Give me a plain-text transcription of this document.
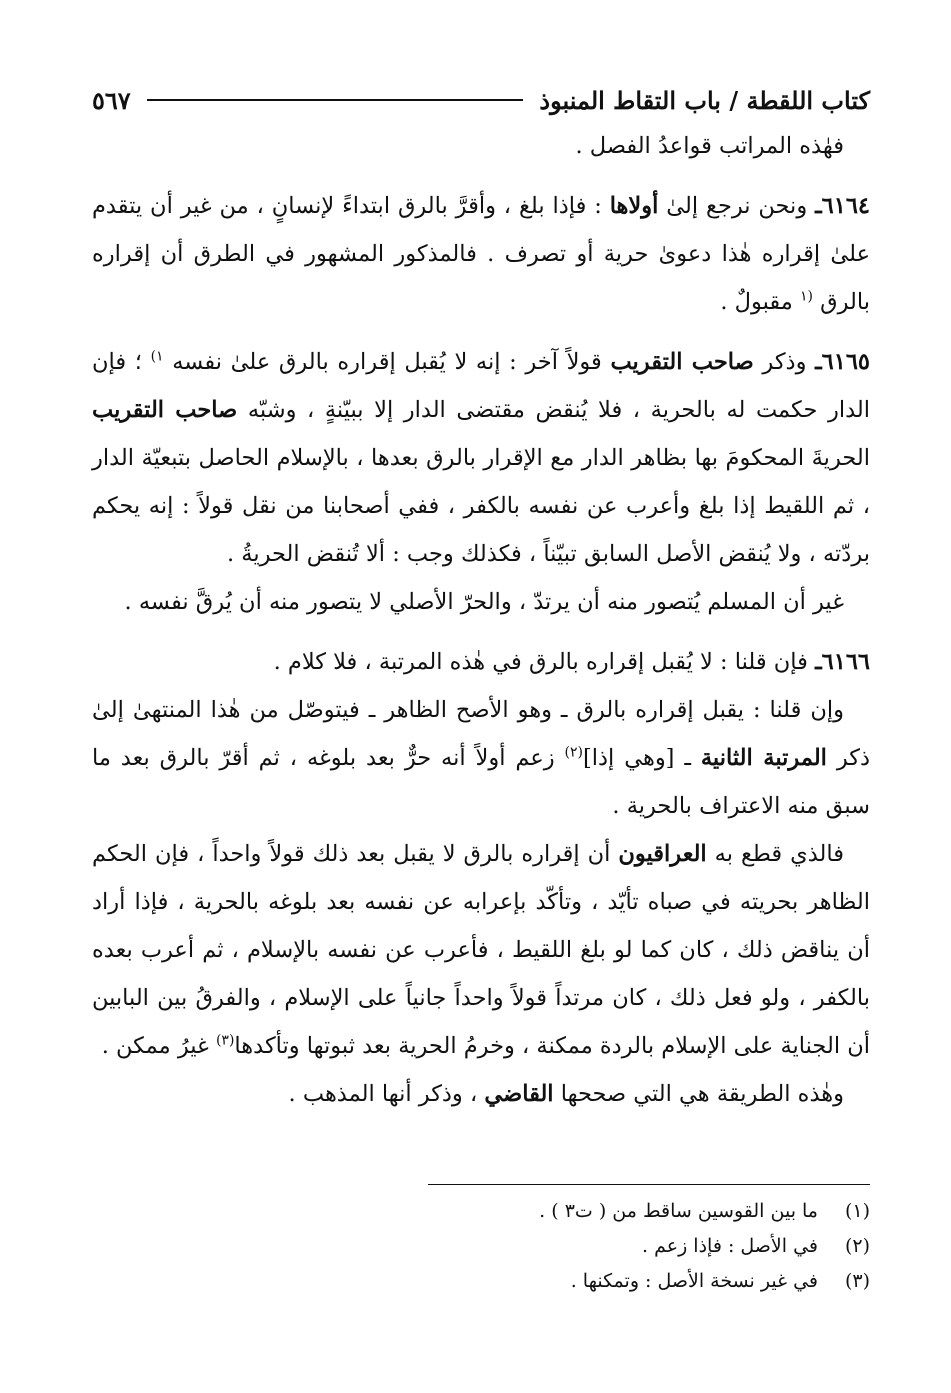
كتاب اللقطة / باب التقاط المنبوذ
٥٦٧

فهٰذه المراتب قواعدُ الفصل .

٦١٦٤ـ ونحن نرجع إلىٰ أولاها : فإذا بلغ ، وأقرَّ بالرق ابتداءً لإنسانٍ ، من غير أن يتقدم علىٰ إقراره هٰذا دعوىٰ حرية أو تصرف . فالمذكور المشهور في الطرق أن إقراره بالرق $^{(١}$ مقبولٌ .

٦١٦٥ـ وذكر صاحب التقريب قولاً آخر : إنه لا يُقبل إقراره بالرق علىٰ نفسه $^{١)}$ ؛ فإن الدار حكمت له بالحرية ، فلا يُنقض مقتضى الدار إلا ببيّنةٍ ، وشبّه صاحب التقريب الحريةَ المحكومَ بها بظاهر الدار مع الإقرار بالرق بعدها ، بالإسلام الحاصل بتبعيّة الدار ، ثم اللقيط إذا بلغ وأعرب عن نفسه بالكفر ، ففي أصحابنا من نقل قولاً : إنه يحكم بردّته ، ولا يُنقض الأصل السابق تبيّناً ، فكذلك وجب : ألا تُنقض الحريةُ .

غير أن المسلم يُتصور منه أن يرتدّ ، والحرّ الأصلي لا يتصور منه أن يُرقَّ نفسه .

٦١٦٦ـ فإن قلنا : لا يُقبل إقراره بالرق في هٰذه المرتبة ، فلا كلام .

وإن قلنا : يقبل إقراره بالرق ـ وهو الأصح الظاهر ـ فيتوصّل من هٰذا المنتهىٰ إلىٰ ذكر المرتبة الثانية ـ [وهي إذا]$^{(٢)}$ زعم أولاً أنه حرٌّ بعد بلوغه ، ثم أقرّ بالرق بعد ما سبق منه الاعتراف بالحرية .

فالذي قطع به العراقيون أن إقراره بالرق لا يقبل بعد ذلك قولاً واحداً ، فإن الحكم الظاهر بحريته في صباه تأيّد ، وتأكّد بإعرابه عن نفسه بعد بلوغه بالحرية ، فإذا أراد أن يناقض ذلك ، كان كما لو بلغ اللقيط ، فأعرب عن نفسه بالإسلام ، ثم أعرب بعده بالكفر ، ولو فعل ذلك ، كان مرتداً قولاً واحداً جانياً على الإسلام ، والفرقُ بين البابين أن الجناية على الإسلام بالردة ممكنة ، وخرمُ الحرية بعد ثبوتها وتأكدها$^{(٣)}$ غيرُ ممكن .

وهٰذه الطريقة هي التي صححها القاضي ، وذكر أنها المذهب .

(١)
ما بين القوسين ساقط من ( ت٣ ) .
(٢)
في الأصل : فإذا زعم .
(٣)
في غير نسخة الأصل : وتمكنها .
